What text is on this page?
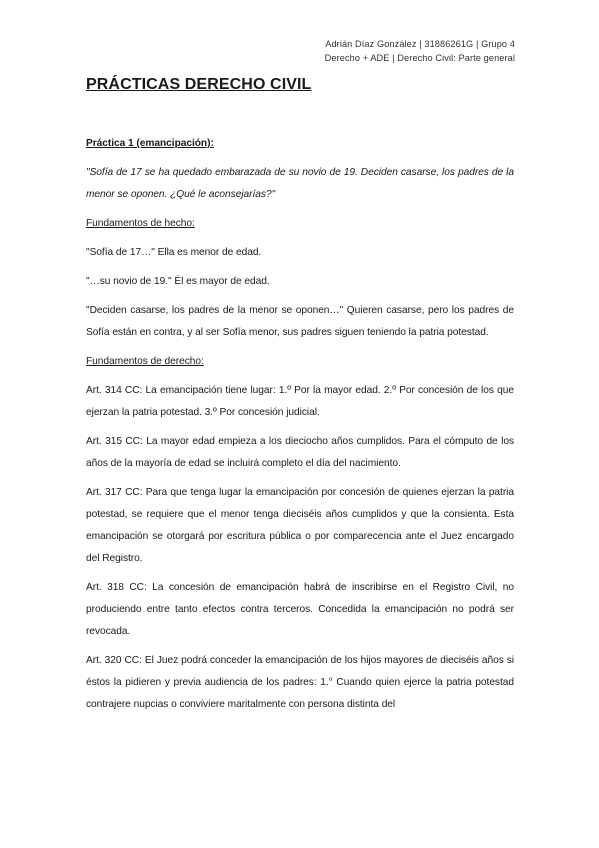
Adrián Díaz González | 31886261G | Grupo 4
Derecho + ADE | Derecho Civil: Parte general
PRÁCTICAS DERECHO CIVIL

Práctica 1 (emancipación):

"Sofía de 17 se ha quedado embarazada de su novio de 19. Deciden casarse, los padres de la menor se oponen. ¿Qué le aconsejarías?"

Fundamentos de hecho:

"Sofía de 17…" Ella es menor de edad.

"…su novio de 19." Él es mayor de edad.

"Deciden casarse, los padres de la menor se oponen…" Quieren casarse, pero los padres de Sofía están en contra, y al ser Sofía menor, sus padres siguen teniendo la patria potestad.

Fundamentos de derecho:

Art. 314 CC: La emancipación tiene lugar: 1.º Por la mayor edad. 2.º Por concesión de los que ejerzan la patria potestad. 3.º Por concesión judicial.

Art. 315 CC: La mayor edad empieza a los dieciocho años cumplidos. Para el cómputo de los años de la mayoría de edad se incluirá completo el día del nacimiento.

Art. 317 CC: Para que tenga lugar la emancipación por concesión de quienes ejerzan la patria potestad, se requiere que el menor tenga dieciséis años cumplidos y que la consienta. Esta emancipación se otorgará por escritura pública o por comparecencia ante el Juez encargado del Registro.

Art. 318 CC: La concesión de emancipación habrá de inscribirse en el Registro Civil, no produciendo entre tanto efectos contra terceros. Concedida la emancipación no podrá ser revocada.

Art. 320 CC: El Juez podrá conceder la emancipación de los hijos mayores de dieciséis años si éstos la pidieren y previa audiencia de los padres: 1.° Cuando quien ejerce la patria potestad contrajere nupcias o conviviere maritalmente con persona distinta del
